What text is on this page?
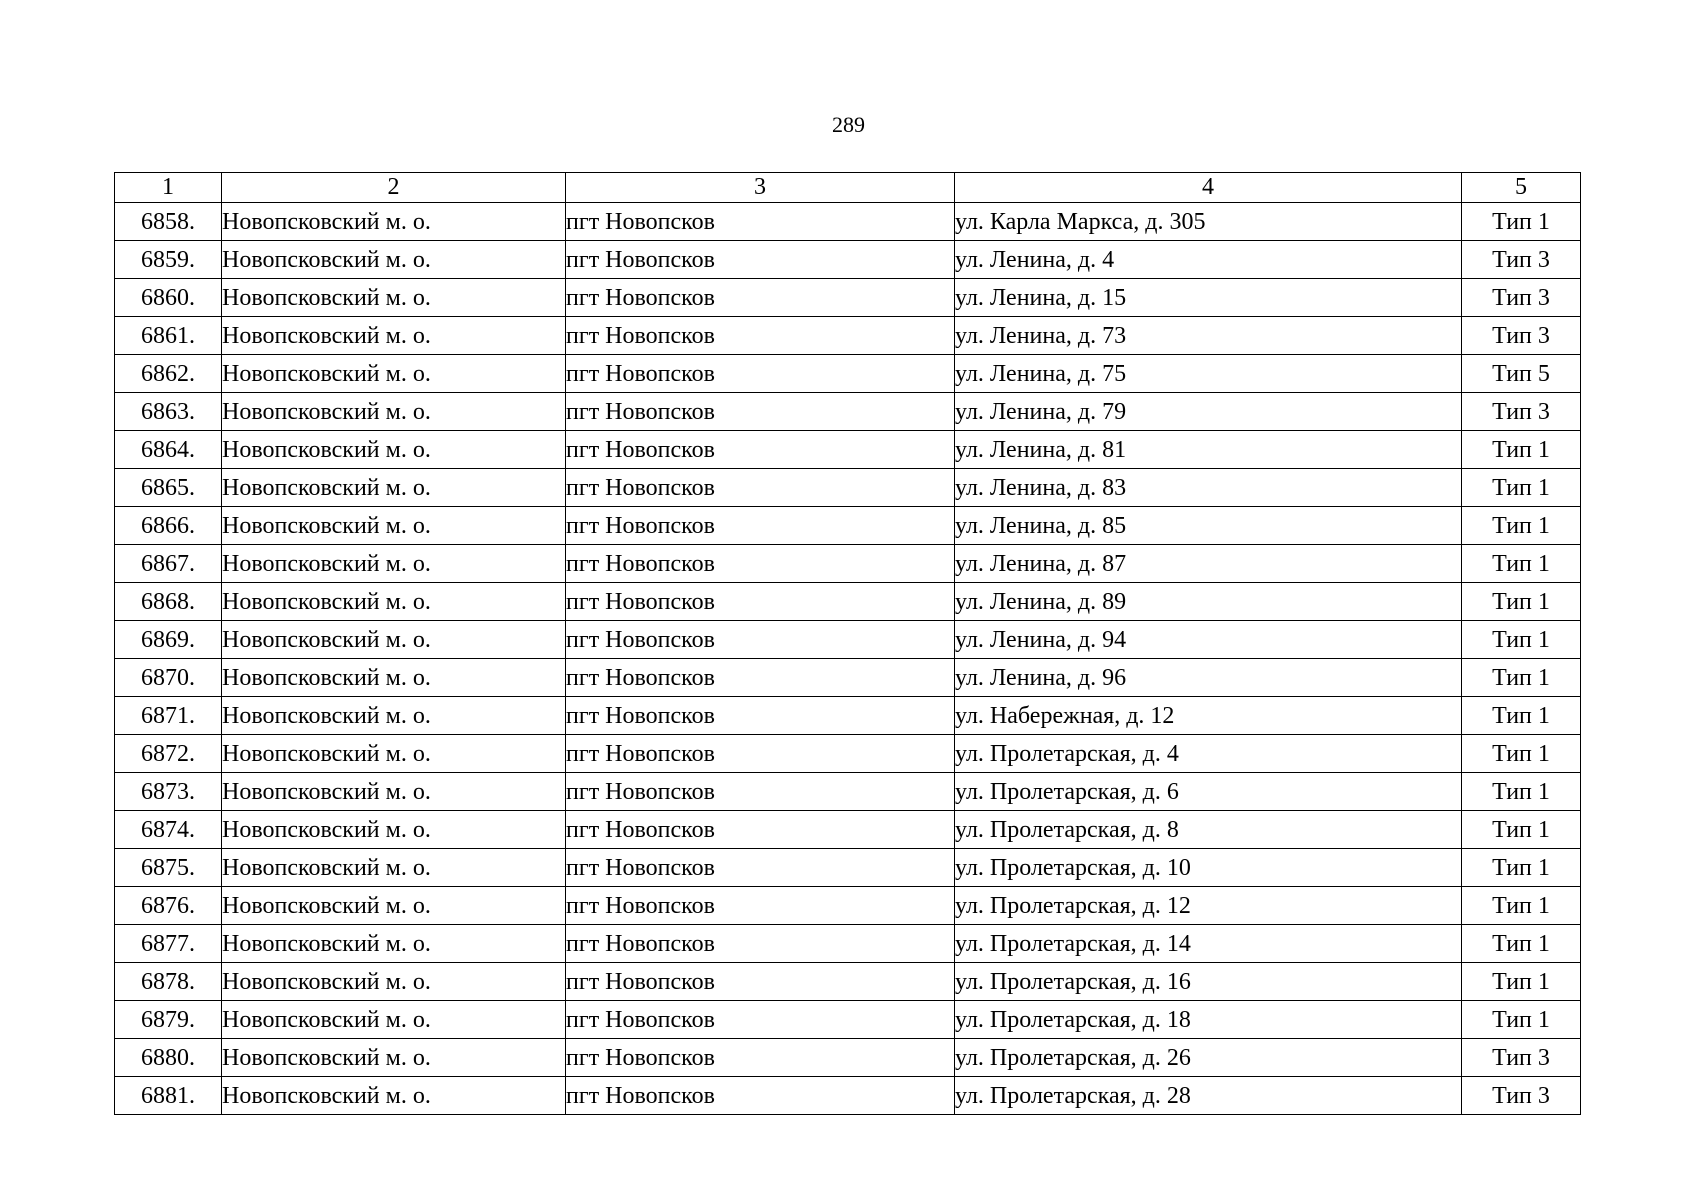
289
1	2	3	4	5
6858.	Новопсковский м. о.	пгт Новопсков	ул. Карла Маркса, д. 305	Тип 1
6859.	Новопсковский м. о.	пгт Новопсков	ул. Ленина, д. 4	Тип 3
6860.	Новопсковский м. о.	пгт Новопсков	ул. Ленина, д. 15	Тип 3
6861.	Новопсковский м. о.	пгт Новопсков	ул. Ленина, д. 73	Тип 3
6862.	Новопсковский м. о.	пгт Новопсков	ул. Ленина, д. 75	Тип 5
6863.	Новопсковский м. о.	пгт Новопсков	ул. Ленина, д. 79	Тип 3
6864.	Новопсковский м. о.	пгт Новопсков	ул. Ленина, д. 81	Тип 1
6865.	Новопсковский м. о.	пгт Новопсков	ул. Ленина, д. 83	Тип 1
6866.	Новопсковский м. о.	пгт Новопсков	ул. Ленина, д. 85	Тип 1
6867.	Новопсковский м. о.	пгт Новопсков	ул. Ленина, д. 87	Тип 1
6868.	Новопсковский м. о.	пгт Новопсков	ул. Ленина, д. 89	Тип 1
6869.	Новопсковский м. о.	пгт Новопсков	ул. Ленина, д. 94	Тип 1
6870.	Новопсковский м. о.	пгт Новопсков	ул. Ленина, д. 96	Тип 1
6871.	Новопсковский м. о.	пгт Новопсков	ул. Набережная, д. 12	Тип 1
6872.	Новопсковский м. о.	пгт Новопсков	ул. Пролетарская, д. 4	Тип 1
6873.	Новопсковский м. о.	пгт Новопсков	ул. Пролетарская, д. 6	Тип 1
6874.	Новопсковский м. о.	пгт Новопсков	ул. Пролетарская, д. 8	Тип 1
6875.	Новопсковский м. о.	пгт Новопсков	ул. Пролетарская, д. 10	Тип 1
6876.	Новопсковский м. о.	пгт Новопсков	ул. Пролетарская, д. 12	Тип 1
6877.	Новопсковский м. о.	пгт Новопсков	ул. Пролетарская, д. 14	Тип 1
6878.	Новопсковский м. о.	пгт Новопсков	ул. Пролетарская, д. 16	Тип 1
6879.	Новопсковский м. о.	пгт Новопсков	ул. Пролетарская, д. 18	Тип 1
6880.	Новопсковский м. о.	пгт Новопсков	ул. Пролетарская, д. 26	Тип 3
6881.	Новопсковский м. о.	пгт Новопсков	ул. Пролетарская, д. 28	Тип 3
